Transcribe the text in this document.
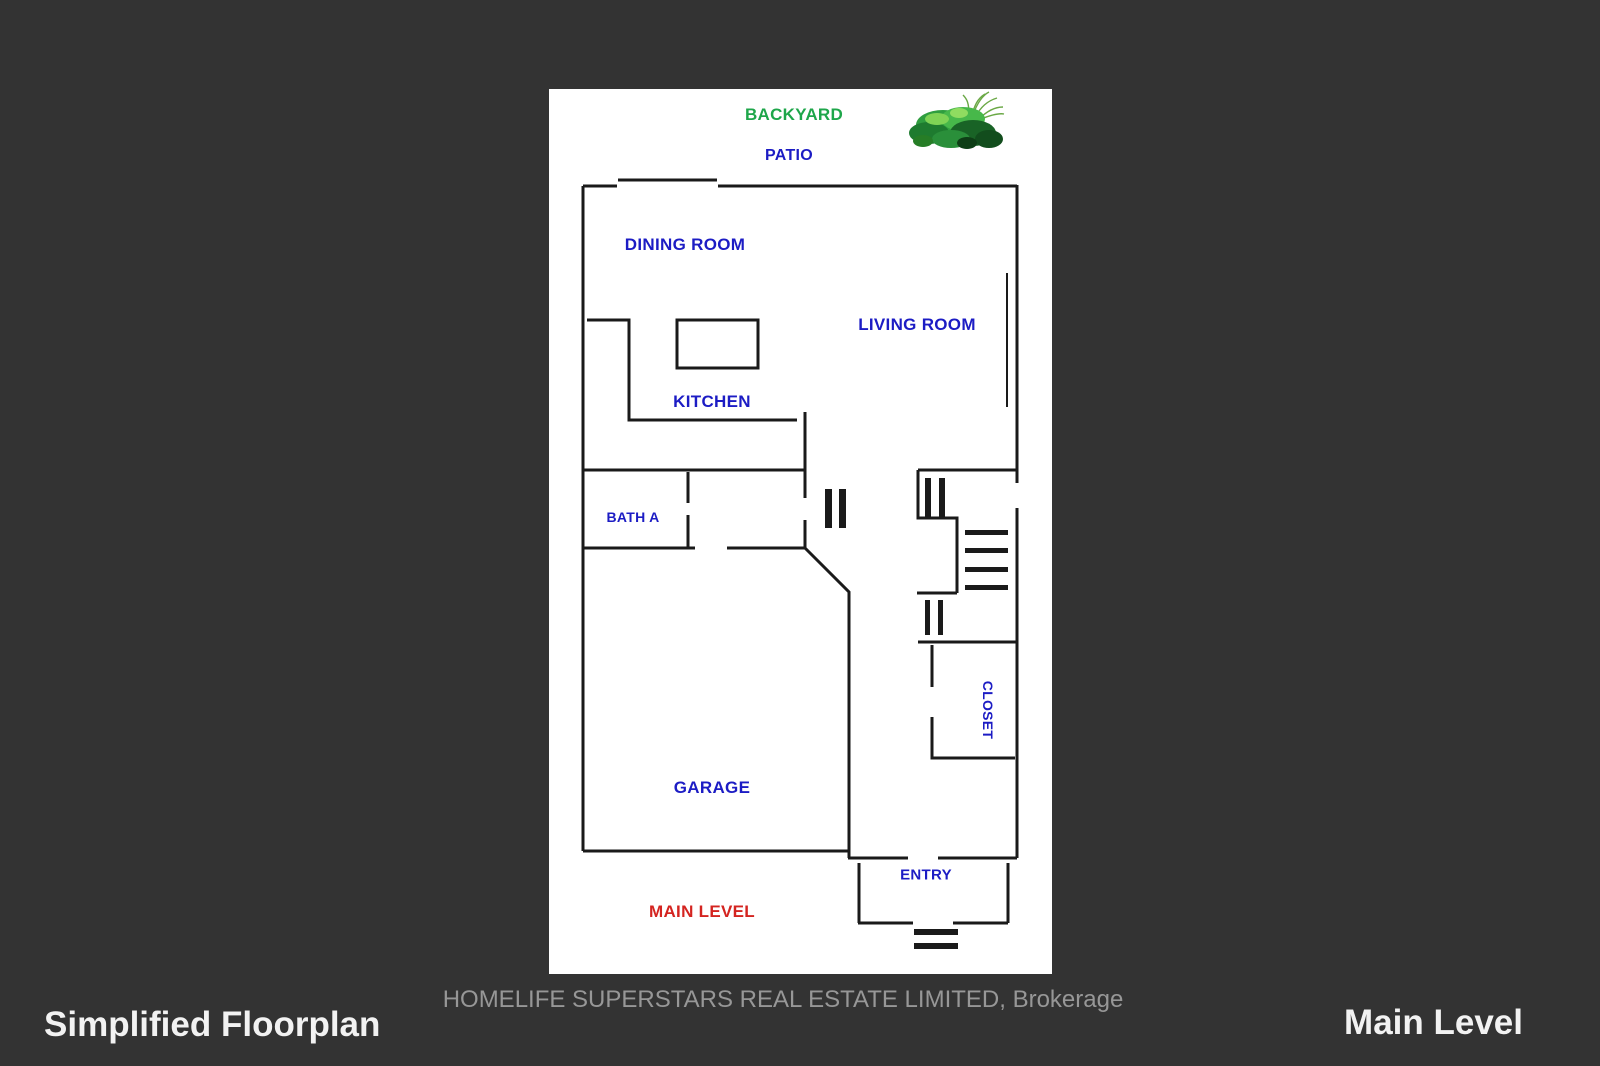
BACKYARD
PATIO
DINING ROOM
LIVING ROOM
KITCHEN
BATH A
GARAGE
CLOSET
ENTRY
MAIN LEVEL
HOMELIFE SUPERSTARS REAL ESTATE LIMITED, Brokerage
Simplified Floorplan	Main Level
